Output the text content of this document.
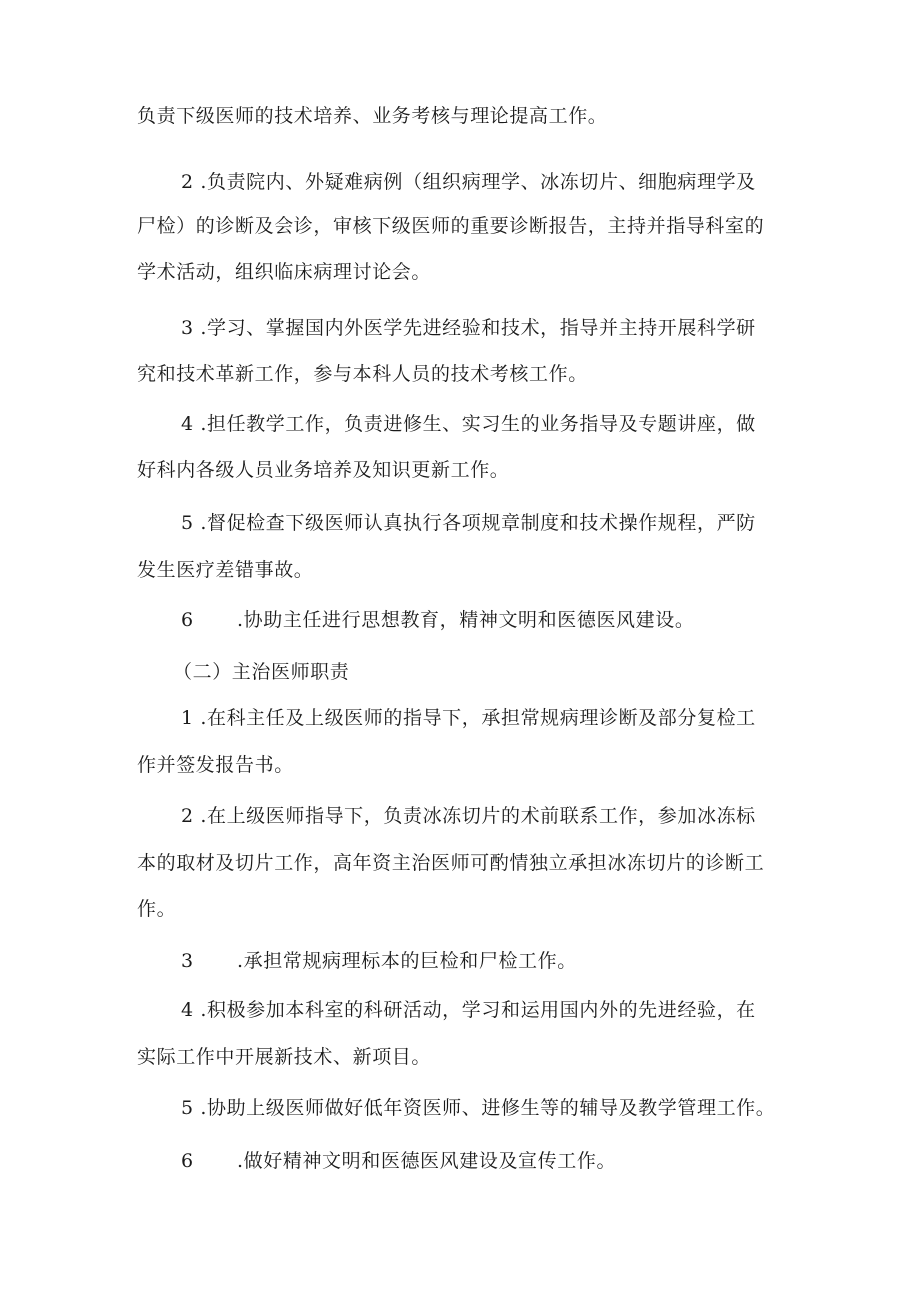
负责下级医师的技术培养、业务考核与理论提高工作。

2 .负责院内、外疑难病例（组织病理学、冰冻切片、细胞病理学及

尸检）的诊断及会诊，审核下级医师的重要诊断报告，主持并指导科室的

学术活动，组织临床病理讨论会。

3 .学习、掌握国内外医学先进经验和技术，指导并主持开展科学研

究和技术革新工作，参与本科人员的技术考核工作。

4 .担任教学工作，负责进修生、实习生的业务指导及专题讲座，做

好科内各级人员业务培养及知识更新工作。

5 .督促检查下级医师认真执行各项规章制度和技术操作规程，严防

发生医疗差错事故。

6 .协助主任进行思想教育，精神文明和医德医风建设。

（二）主治医师职责

1 .在科主任及上级医师的指导下，承担常规病理诊断及部分复检工

作并签发报告书。

2 .在上级医师指导下，负责冰冻切片的术前联系工作，参加冰冻标

本的取材及切片工作，高年资主治医师可酌情独立承担冰冻切片的诊断工

作。

3 .承担常规病理标本的巨检和尸检工作。

4 .积极参加本科室的科研活动，学习和运用国内外的先进经验，在

实际工作中开展新技术、新项目。

5 .协助上级医师做好低年资医师、进修生等的辅导及教学管理工作。

6 .做好精神文明和医德医风建设及宣传工作。
